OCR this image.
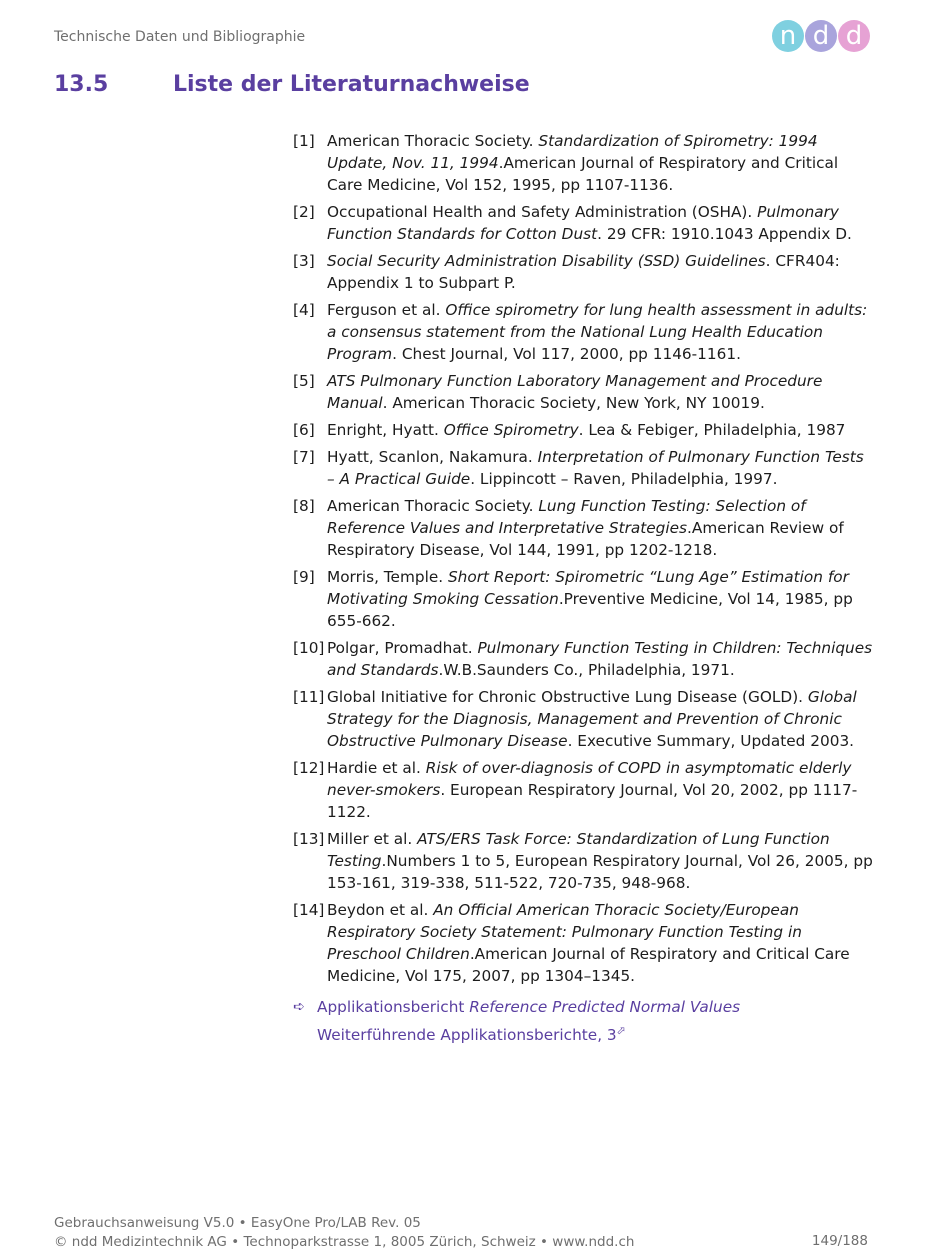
Technische Daten und Bibliographie	n d d
13.5	Liste der Literaturnachweise
[1] American Thoracic Society. Standardization of Spirometry: 1994 Update, Nov. 11, 1994.American Journal of Respiratory and Critical Care Medicine, Vol 152, 1995, pp 1107-1136.
[2] Occupational Health and Safety Administration (OSHA). Pulmonary Function Standards for Cotton Dust. 29 CFR: 1910.1043 Appendix D.
[3] Social Security Administration Disability (SSD) Guidelines. CFR404: Appendix 1 to Subpart P.
[4] Ferguson et al. Office spirometry for lung health assessment in adults: a consensus statement from the National Lung Health Education Program. Chest Journal, Vol 117, 2000, pp 1146-1161.
[5] ATS Pulmonary Function Laboratory Management and Procedure Manual. American Thoracic Society, New York, NY 10019.
[6] Enright, Hyatt. Office Spirometry. Lea & Febiger, Philadelphia, 1987
[7] Hyatt, Scanlon, Nakamura. Interpretation of Pulmonary Function Tests – A Practical Guide. Lippincott – Raven, Philadelphia, 1997.
[8] American Thoracic Society. Lung Function Testing: Selection of Reference Values and Interpretative Strategies.American Review of Respiratory Disease, Vol 144, 1991, pp 1202-1218.
[9] Morris, Temple. Short Report: Spirometric “Lung Age” Estimation for Motivating Smoking Cessation.Preventive Medicine, Vol 14, 1985, pp 655-662.
[10] Polgar, Promadhat. Pulmonary Function Testing in Children: Techniques and Standards.W.B.Saunders Co., Philadelphia, 1971.
[11] Global Initiative for Chronic Obstructive Lung Disease (GOLD). Global Strategy for the Diagnosis, Management and Prevention of Chronic Obstructive Pulmonary Disease. Executive Summary, Updated 2003.
[12] Hardie et al. Risk of over-diagnosis of COPD in asymptomatic elderly never-smokers. European Respiratory Journal, Vol 20, 2002, pp 1117-1122.
[13] Miller et al. ATS/ERS Task Force: Standardization of Lung Function Testing.Numbers 1 to 5, European Respiratory Journal, Vol 26, 2005, pp 153-161, 319-338, 511-522, 720-735, 948-968.
[14] Beydon et al. An Official American Thoracic Society/European Respiratory Society Statement: Pulmonary Function Testing in Preschool Children.American Journal of Respiratory and Critical Care Medicine, Vol 175, 2007, pp 1304–1345.
➪ Applikationsbericht Reference Predicted Normal Values
Weiterführende Applikationsberichte, 3⬀
Gebrauchsanweisung V5.0 • EasyOne Pro/LAB Rev. 05
© ndd Medizintechnik AG • Technoparkstrasse 1, 8005 Zürich, Schweiz • www.ndd.ch	149/188
